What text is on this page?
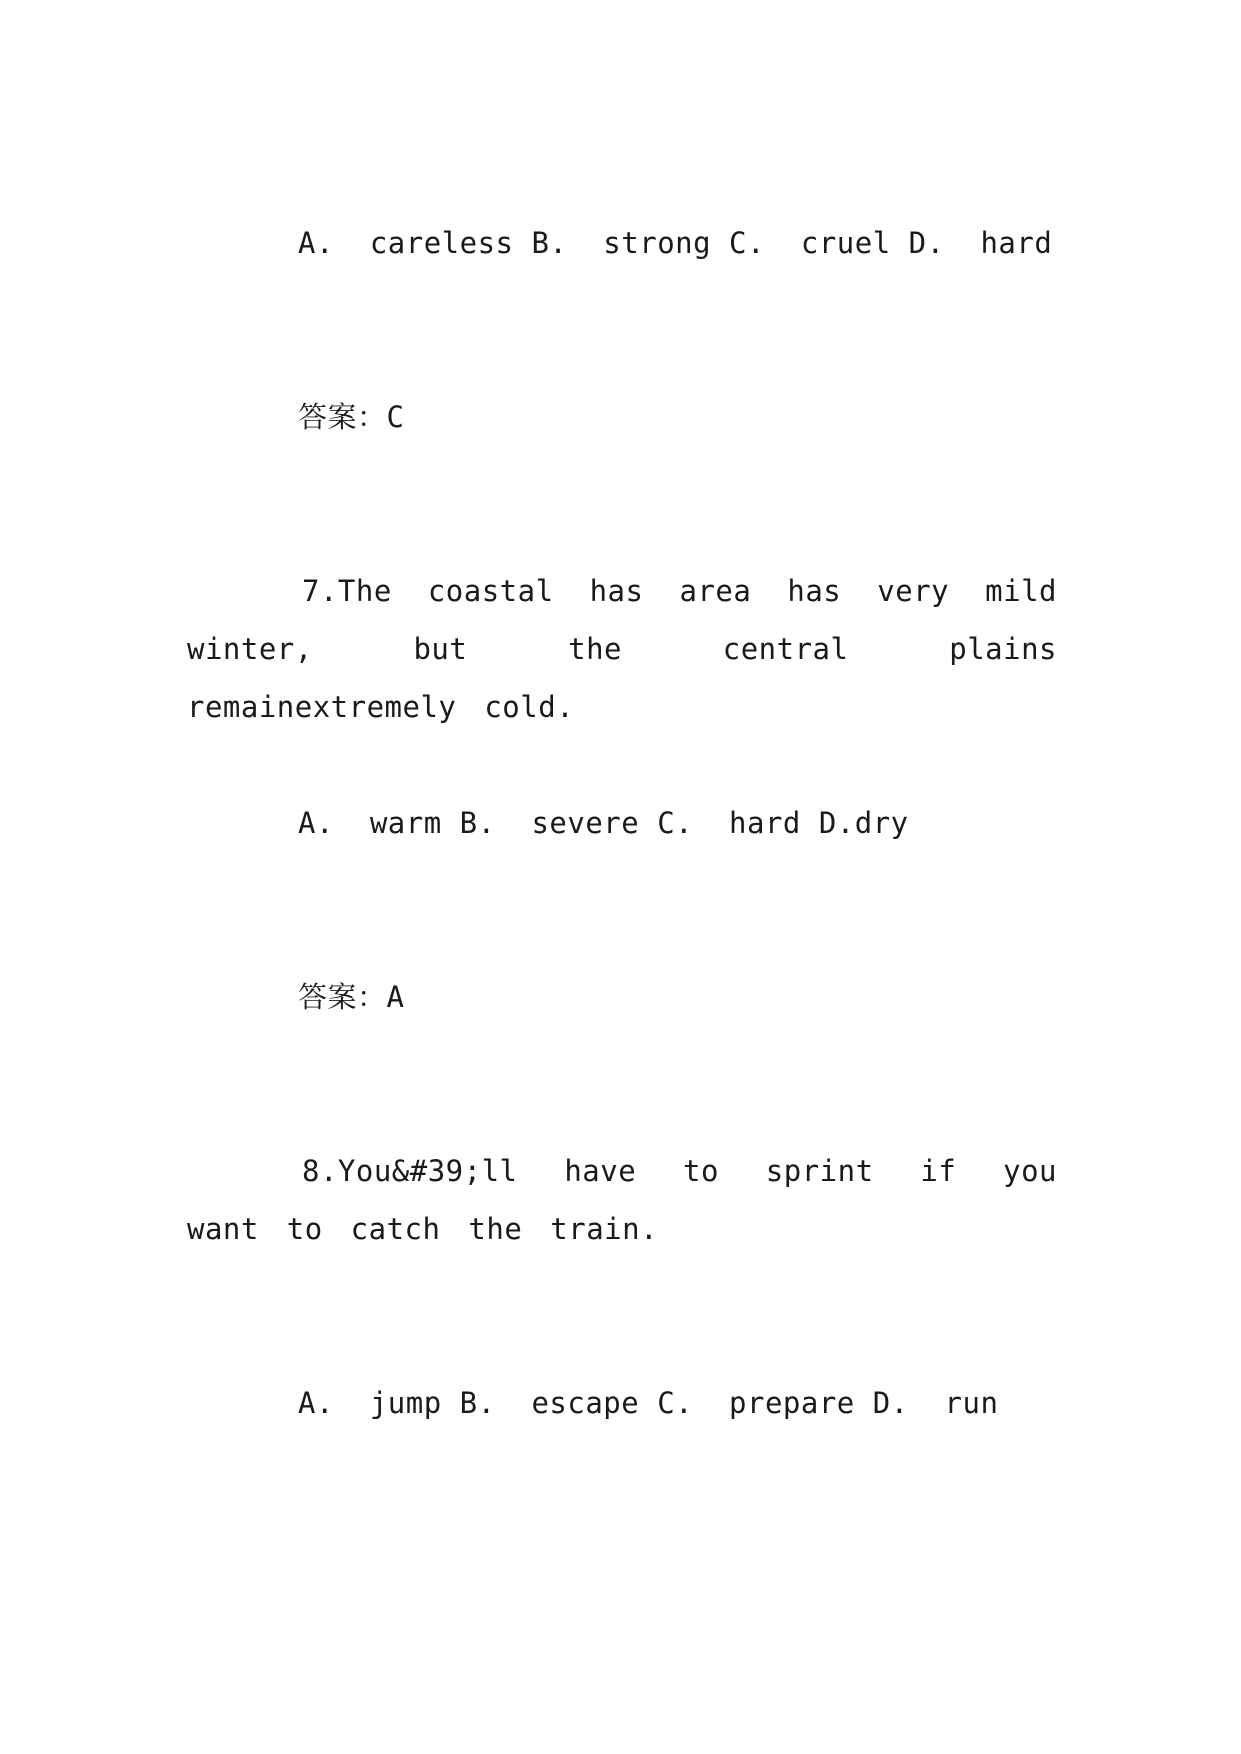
A.  careless B.  strong C.  cruel D.  hard
答案：C
7.The coastal has area has very mild winter, but the central plains remainextremely cold.
A.  warm B.  severe C.  hard D.dry
答案：A
8.You&#39;ll have to sprint if you want to catch the train.
A.  jump B.  escape C.  prepare D.  run
